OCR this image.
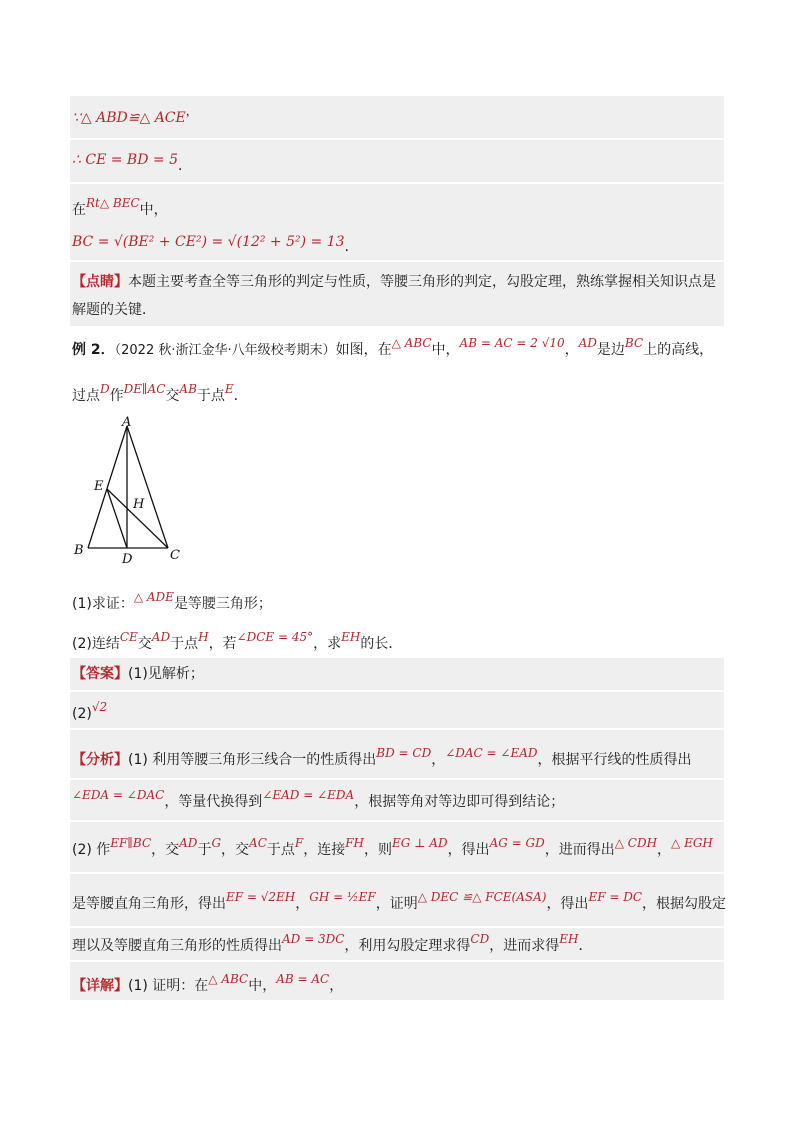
∵△ ABD≌△ ACE，
∴ CE = BD = 5.
在Rt△ BEC中，
BC = √(BE² + CE²) = √(12² + 5²) = 13.
【点睛】本题主要考查全等三角形的判定与性质，等腰三角形的判定，勾股定理，熟练掌握相关知识点是
解题的关键．
例 2．（2022 秋·浙江金华·八年级校考期末）如图，在△ ABC中，AB = AC = 2 √10，AD是边BC上的高线，
过点D作DE∥AC交AB于点E．
A
B	C
D
E
H
(1)求证：△ ADE是等腰三角形；
(2)连结CE交AD于点H，若∠DCE = 45°，求EH的长．
【答案】(1)见解析；
(2)√2
【分析】(1) 利用等腰三角形三线合一的性质得出BD = CD，∠DAC = ∠EAD，根据平行线的性质得出
∠EDA = ∠DAC，等量代换得到∠EAD = ∠EDA，根据等角对等边即可得到结论；
(2) 作EF∥BC，交AD于G，交AC于点F，连接FH，则EG ⊥ AD，得出AG = GD，进而得出△ CDH，△ EGH
是等腰直角三角形，得出EF = √2EH，GH = ½EF，证明△ DEC ≌△ FCE(ASA)，得出EF = DC，根据勾股定
理以及等腰直角三角形的性质得出AD = 3DC，利用勾股定理求得CD，进而求得EH．
【详解】(1) 证明：在△ ABC中，AB = AC，
